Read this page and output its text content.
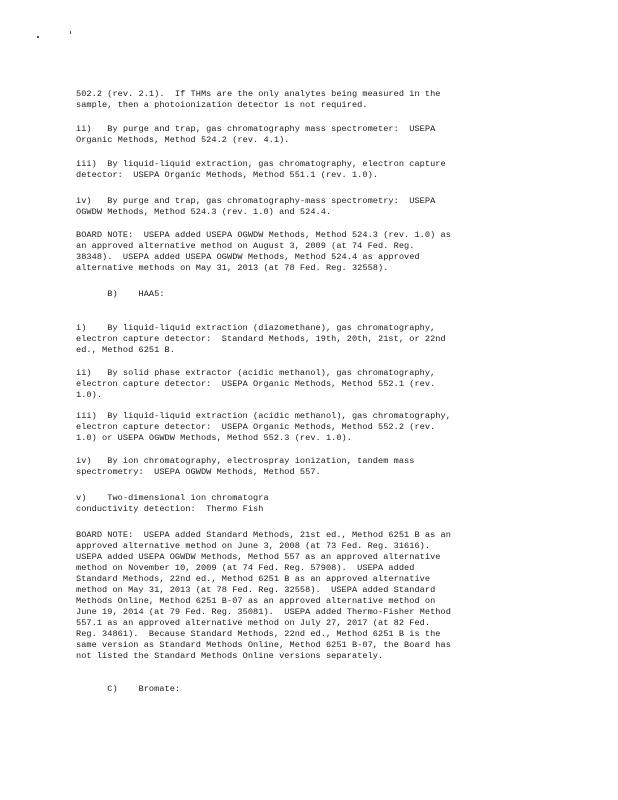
502.2 (rev. 2.1).  If THMs are the only analytes being measured in the
sample, then a photoionization detector is not required.
ii)   By purge and trap, gas chromatography mass spectrometer:  USEPA
Organic Methods, Method 524.2 (rev. 4.1).
iii)  By liquid-liquid extraction, gas chromatography, electron capture
detector:  USEPA Organic Methods, Method 551.1 (rev. 1.0).
iv)   By purge and trap, gas chromatography-mass spectrometry:  USEPA
OGWDW Methods, Method 524.3 (rev. 1.0) and 524.4.
BOARD NOTE:  USEPA added USEPA OGWDW Methods, Method 524.3 (rev. 1.0) as
an approved alternative method on August 3, 2009 (at 74 Fed. Reg.
38348).  USEPA added USEPA OGWDW Methods, Method 524.4 as approved
alternative methods on May 31, 2013 (at 78 Fed. Reg. 32558).
B)    HAA5:
i)    By liquid-liquid extraction (diazomethane), gas chromatography,
electron capture detector:  Standard Methods, 19th, 20th, 21st, or 22nd
ed., Method 6251 B.
ii)   By solid phase extractor (acidic methanol), gas chromatography,
electron capture detector:  USEPA Organic Methods, Method 552.1 (rev.
1.0).
iii)  By liquid-liquid extraction (acidic methanol), gas chromatography,
electron capture detector:  USEPA Organic Methods, Method 552.2 (rev.
1.0) or USEPA OGWDW Methods, Method 552.3 (rev. 1.0).
iv)   By ion chromatography, electrospray ionization, tandem mass
spectrometry:  USEPA OGWDW Methods, Method 557.
v)    Two-dimensional ion chromatogra
conductivity detection:  Thermo Fish
BOARD NOTE:  USEPA added Standard Methods, 21st ed., Method 6251 B as an
approved alternative method on June 3, 2008 (at 73 Fed. Reg. 31616).
USEPA added USEPA OGWDW Methods, Method 557 as an approved alternative
method on November 10, 2009 (at 74 Fed. Reg. 57908).  USEPA added
Standard Methods, 22nd ed., Method 6251 B as an approved alternative
method on May 31, 2013 (at 78 Fed. Reg. 32558).  USEPA added Standard
Methods Online, Method 6251 B-07 as an approved alternative method on
June 19, 2014 (at 79 Fed. Reg. 35081).  USEPA added Thermo-Fisher Method
557.1 as an approved alternative method on July 27, 2017 (at 82 Fed.
Reg. 34861).  Because Standard Methods, 22nd ed., Method 6251 B is the
same version as Standard Methods Online, Method 6251 B-07, the Board has
not listed the Standard Methods Online versions separately.
C)    Bromate:
